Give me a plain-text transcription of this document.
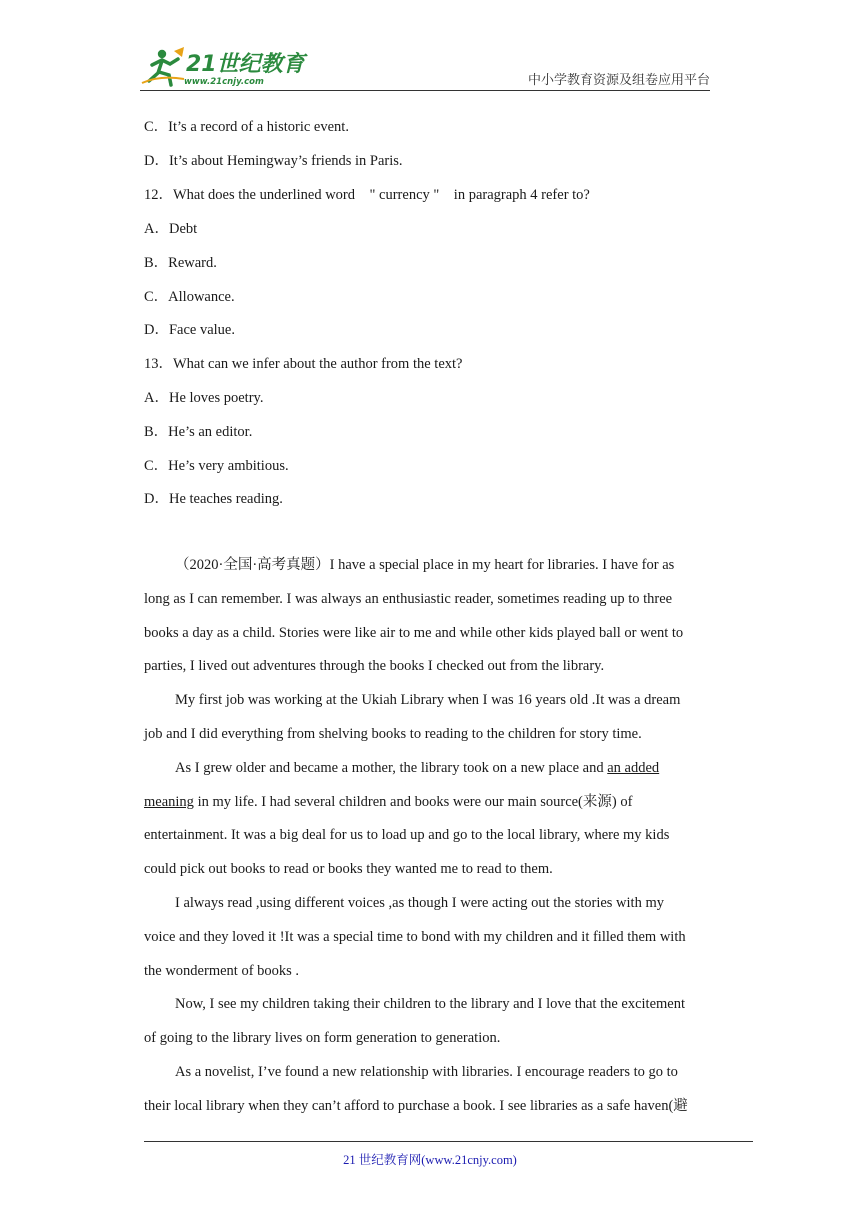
21世纪教育
www.21cnjy.com	中小学教育资源及组卷应用平台
C．It’s a record of a historic event.
D．It’s about Hemingway’s friends in Paris.
12．What does the underlined word　" currency "　in paragraph 4 refer to?
A．Debt
B．Reward.
C．Allowance.
D．Face value.
13．What can we infer about the author from the text?
A．He loves poetry.
B．He’s an editor.
C．He’s very ambitious.
D．He teaches reading.
（2020·全国·高考真题）I have a special place in my heart for libraries. I have for as
long as I can remember. I was always an enthusiastic reader, sometimes reading up to three
books a day as a child. Stories were like air to me and while other kids played ball or went to
parties, I lived out adventures through the books I checked out from the library.
My first job was working at the Ukiah Library when I was 16 years old .It was a dream
job and I did everything from shelving books to reading to the children for story time.
As I grew older and became a mother, the library took on a new place and an added
meaning in my life. I had several children and books were our main source(来源) of
entertainment. It was a big deal for us to load up and go to the local library, where my kids
could pick out books to read or books they wanted me to read to them.
I always read ,using different voices ,as though I were acting out the stories with my
voice and they loved it !It was a special time to bond with my children and it filled them with
the wonderment of books .
Now, I see my children taking their children to the library and I love that the excitement
of going to the library lives on form generation to generation.
As a novelist, I’ve found a new relationship with libraries. I encourage readers to go to
their local library when they can’t afford to purchase a book. I see libraries as a safe haven(避
21 世纪教育网(www.21cnjy.com)
